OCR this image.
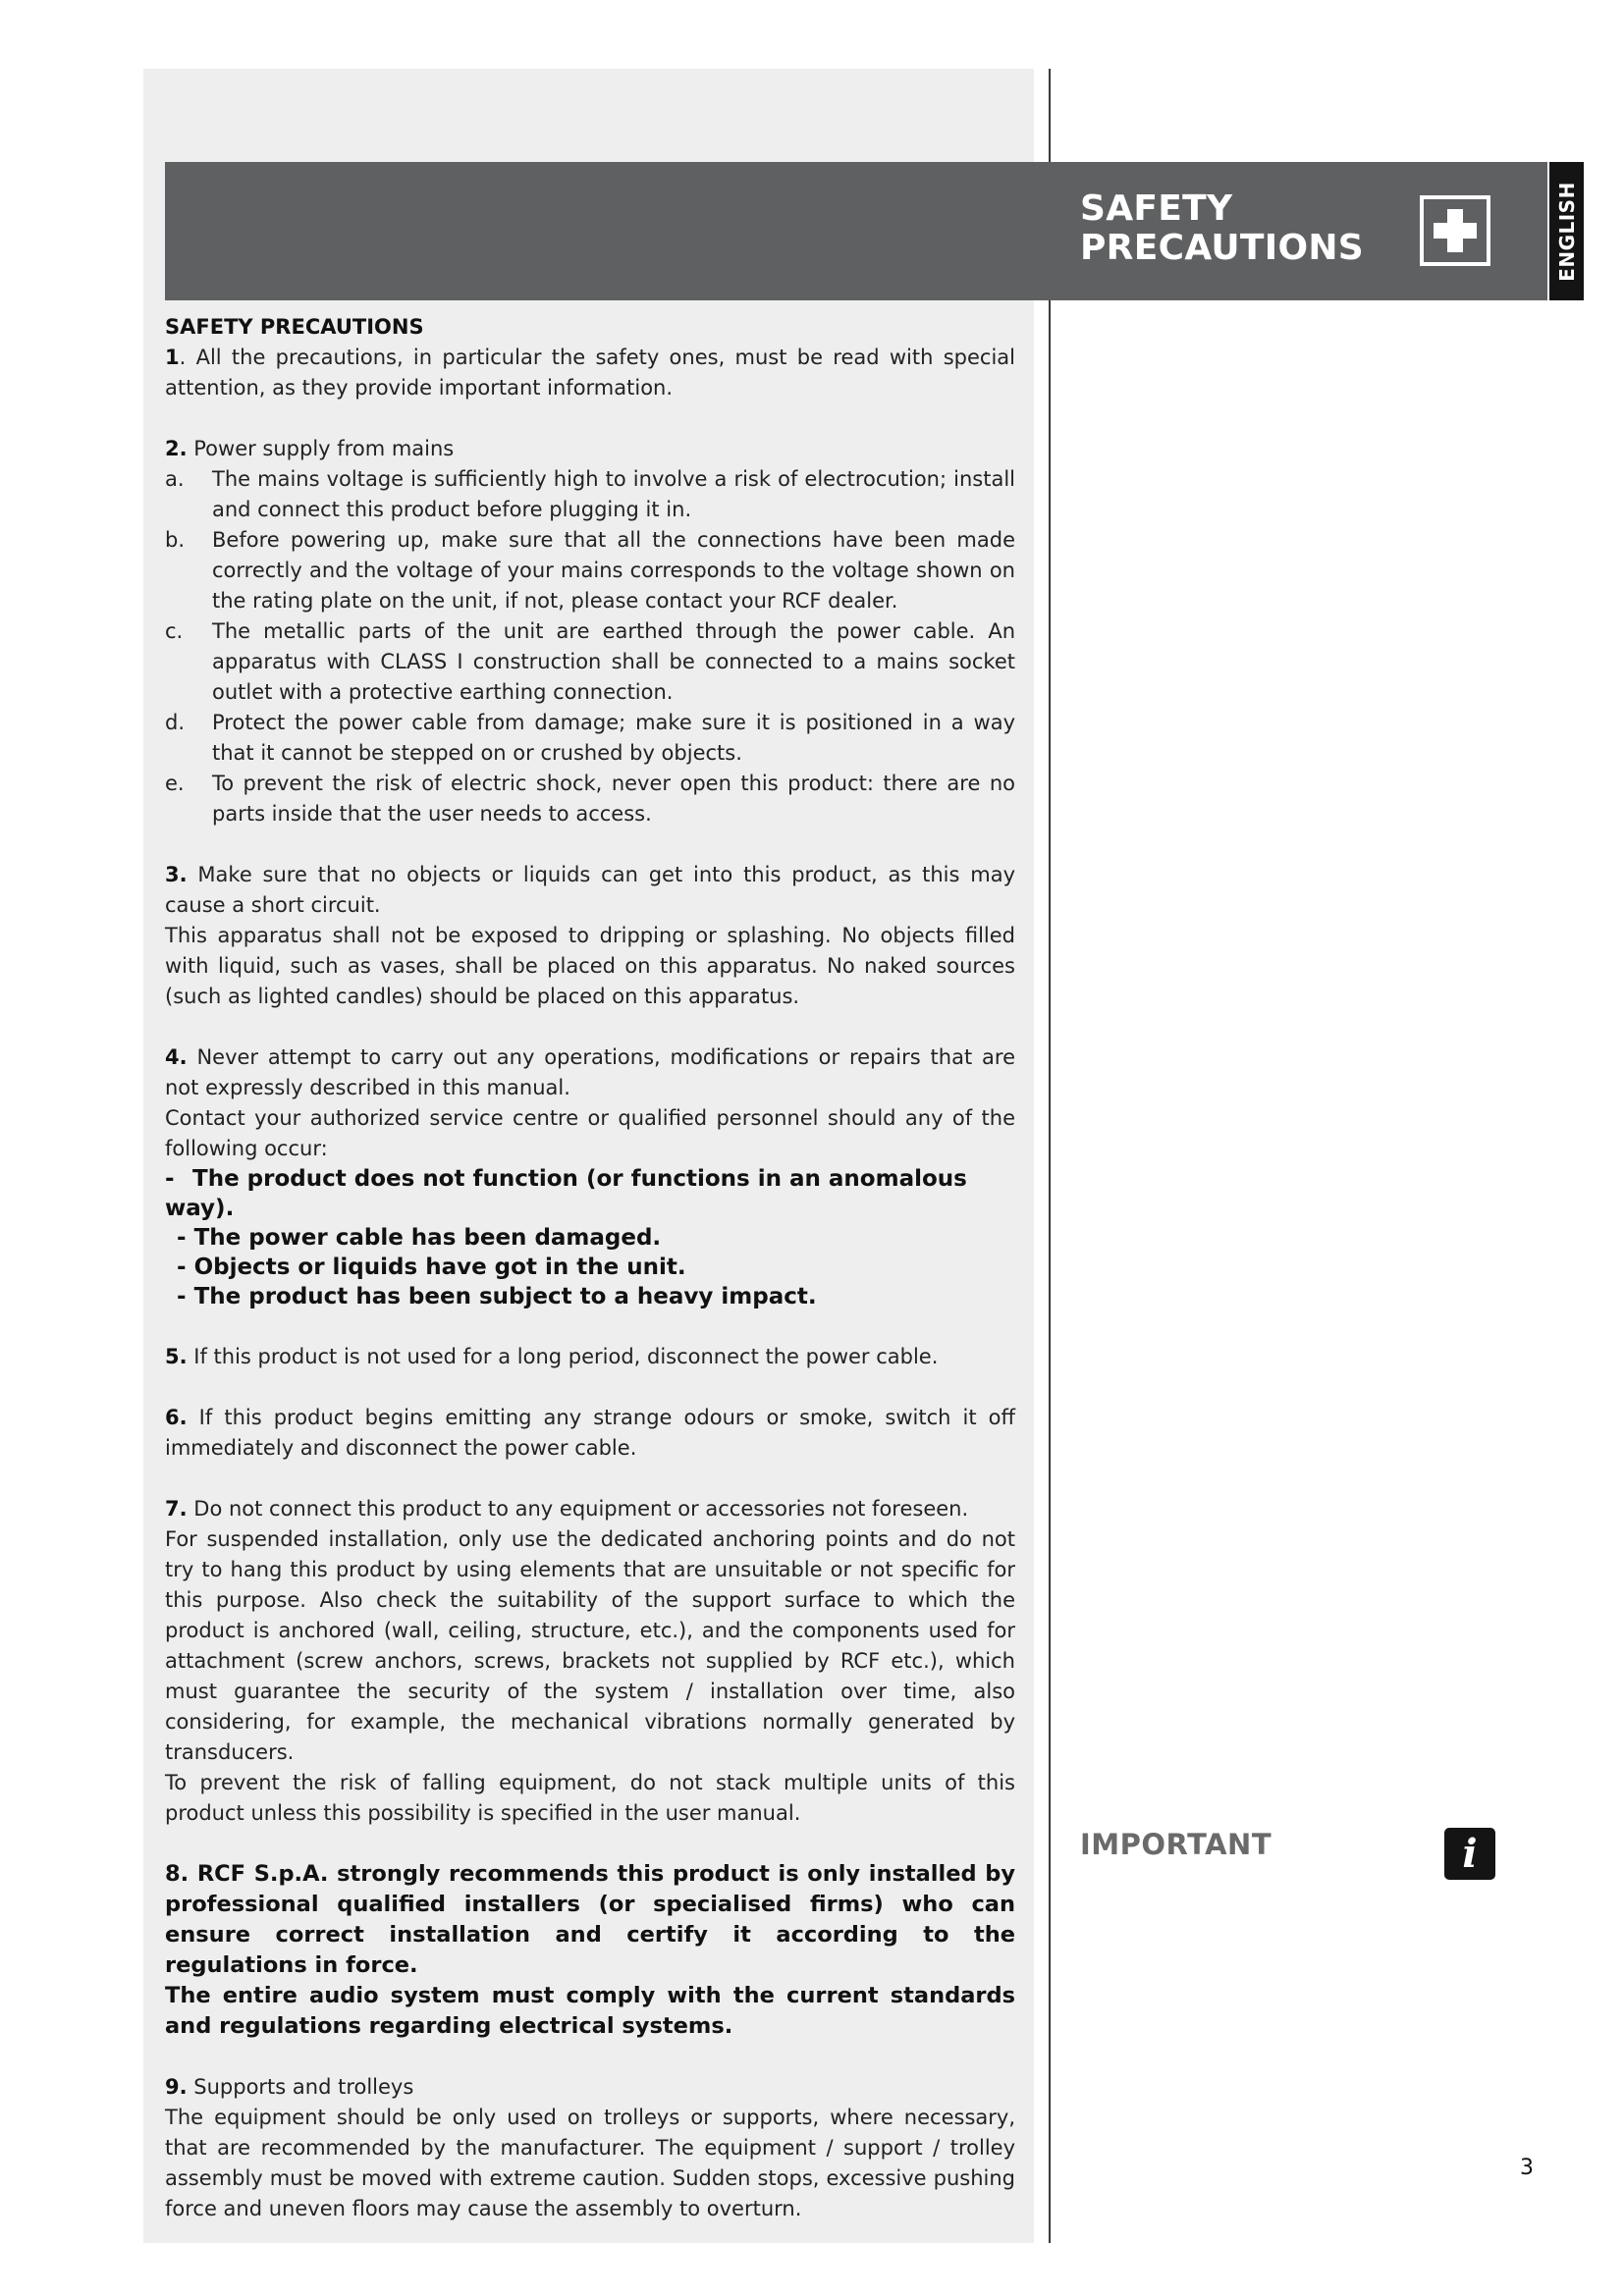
SAFETY
PRECAUTIONS	ENGLISH

SAFETY PRECAUTIONS

1. All the precautions, in particular the safety ones, must be read with special attention, as they provide important information.

2. Power supply from mains

a.	The mains voltage is sufficiently high to involve a risk of electrocution; install and connect this product before plugging it in.
b.	Before powering up, make sure that all the connections have been made correctly and the voltage of your mains corresponds to the voltage shown on the rating plate on the unit, if not, please contact your RCF dealer.
c.	The metallic parts of the unit are earthed through the power cable. An apparatus with CLASS I construction shall be connected to a mains socket outlet with a protective earthing connection.
d.	Protect the power cable from damage; make sure it is positioned in a way that it cannot be stepped on or crushed by objects.
e.	To prevent the risk of electric shock, never open this product: there are no parts inside that the user needs to access.

3. Make sure that no objects or liquids can get into this product, as this may cause a short circuit.

This apparatus shall not be exposed to dripping or splashing. No objects filled with liquid, such as vases, shall be placed on this apparatus. No naked sources (such as lighted candles) should be placed on this apparatus.

4. Never attempt to carry out any operations, modifications or repairs that are not expressly described in this manual.

Contact your authorized service centre or qualified personnel should any of the following occur:

- The product does not function (or functions in an anomalous way).
- The power cable has been damaged.
- Objects or liquids have got in the unit.
- The product has been subject to a heavy impact.

5. If this product is not used for a long period, disconnect the power cable.

6. If this product begins emitting any strange odours or smoke, switch it off immediately and disconnect the power cable.

7. Do not connect this product to any equipment or accessories not foreseen.

For suspended installation, only use the dedicated anchoring points and do not try to hang this product by using elements that are unsuitable or not specific for this purpose. Also check the suitability of the support surface to which the product is anchored (wall, ceiling, structure, etc.), and the components used for attachment (screw anchors, screws, brackets not supplied by RCF etc.), which must guarantee the security of the system / installation over time, also considering, for example, the mechanical vibrations normally generated by transducers.

To prevent the risk of falling equipment, do not stack multiple units of this product unless this possibility is specified in the user manual.

8. RCF S.p.A. strongly recommends this product is only installed by professional qualified installers (or specialised firms) who can ensure correct installation and certify it according to the regulations in force.

The entire audio system must comply with the current standards and regulations regarding electrical systems.

9. Supports and trolleys

The equipment should be only used on trolleys or supports, where necessary, that are recommended by the manufacturer. The equipment / support / trolley assembly must be moved with extreme caution. Sudden stops, excessive pushing force and uneven floors may cause the assembly to overturn.

IMPORTANT	i
3
